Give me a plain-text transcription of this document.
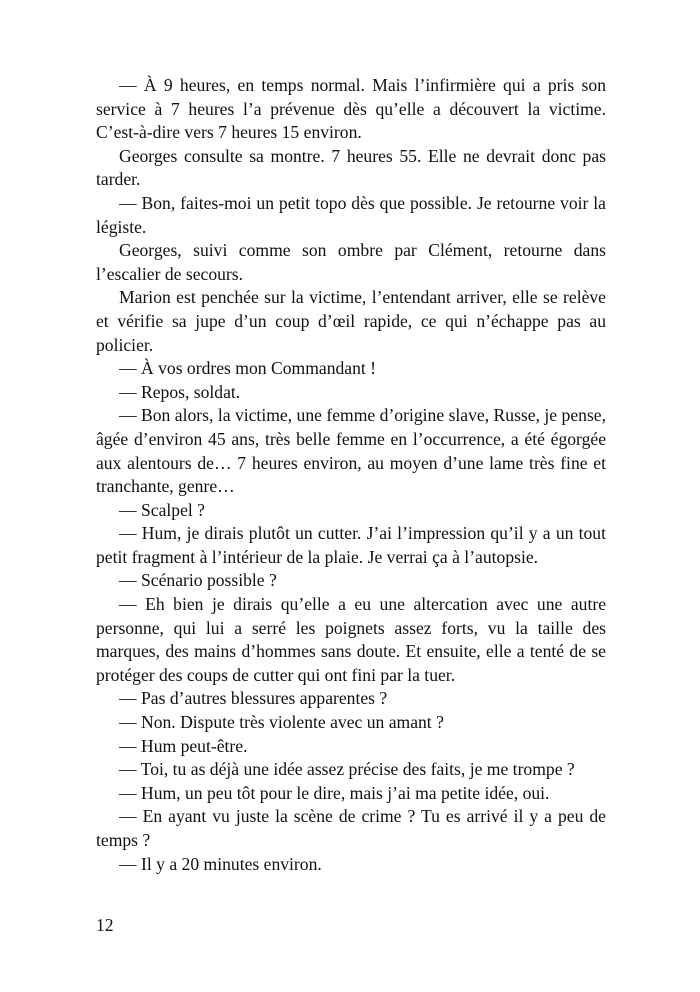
— À 9 heures, en temps normal. Mais l’infirmière qui a pris son service à 7 heures l’a prévenue dès qu’elle a découvert la victime. C’est-à-dire vers 7 heures 15 environ.

Georges consulte sa montre. 7 heures 55. Elle ne devrait donc pas tarder.

— Bon, faites-moi un petit topo dès que possible. Je retourne voir la légiste.

Georges, suivi comme son ombre par Clément, retourne dans l’escalier de secours.

Marion est penchée sur la victime, l’entendant arriver, elle se relève et vérifie sa jupe d’un coup d’œil rapide, ce qui n’échappe pas au policier.

— À vos ordres mon Commandant !

— Repos, soldat.

— Bon alors, la victime, une femme d’origine slave, Russe, je pense, âgée d’environ 45 ans, très belle femme en l’occurrence, a été égorgée aux alentours de… 7 heures environ, au moyen d’une lame très fine et tranchante, genre…

— Scalpel ?

— Hum, je dirais plutôt un cutter. J’ai l’impression qu’il y a un tout petit fragment à l’intérieur de la plaie. Je verrai ça à l’autopsie.

— Scénario possible ?

— Eh bien je dirais qu’elle a eu une altercation avec une autre personne, qui lui a serré les poignets assez forts, vu la taille des marques, des mains d’hommes sans doute. Et ensuite, elle a tenté de se protéger des coups de cutter qui ont fini par la tuer.

— Pas d’autres blessures apparentes ?

— Non. Dispute très violente avec un amant ?

— Hum peut-être.

— Toi, tu as déjà une idée assez précise des faits, je me trompe ?

— Hum, un peu tôt pour le dire, mais j’ai ma petite idée, oui.

— En ayant vu juste la scène de crime ? Tu es arrivé il y a peu de temps ?

— Il y a 20 minutes environ.

12
